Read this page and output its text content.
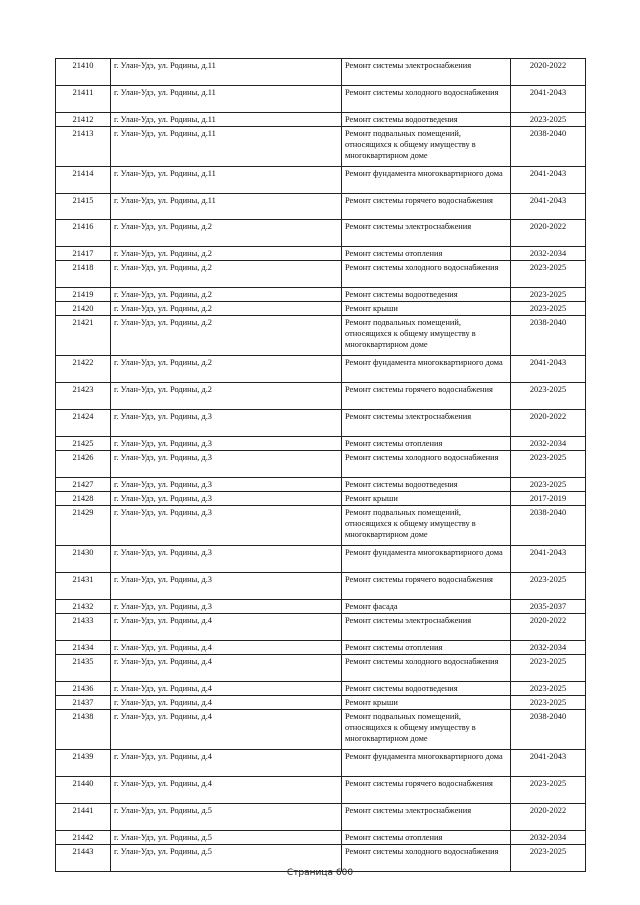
21410	г. Улан-Удэ, ул. Родины, д.11	Ремонт системы электроснабжения	2020-2022
21411	г. Улан-Удэ, ул. Родины, д.11	Ремонт системы холодного водоснабжения	2041-2043
21412	г. Улан-Удэ, ул. Родины, д.11	Ремонт системы водоотведения	2023-2025
21413	г. Улан-Удэ, ул. Родины, д.11	Ремонт подвальных помещений, относящихся к общему имуществу в многоквартирном доме	2038-2040
21414	г. Улан-Удэ, ул. Родины, д.11	Ремонт фундамента многоквартирного дома	2041-2043
21415	г. Улан-Удэ, ул. Родины, д.11	Ремонт системы горячего водоснабжения	2041-2043
21416	г. Улан-Удэ, ул. Родины, д.2	Ремонт системы электроснабжения	2020-2022
21417	г. Улан-Удэ, ул. Родины, д.2	Ремонт системы отопления	2032-2034
21418	г. Улан-Удэ, ул. Родины, д.2	Ремонт системы холодного водоснабжения	2023-2025
21419	г. Улан-Удэ, ул. Родины, д.2	Ремонт системы водоотведения	2023-2025
21420	г. Улан-Удэ, ул. Родины, д.2	Ремонт крыши	2023-2025
21421	г. Улан-Удэ, ул. Родины, д.2	Ремонт подвальных помещений, относящихся к общему имуществу в многоквартирном доме	2038-2040
21422	г. Улан-Удэ, ул. Родины, д.2	Ремонт фундамента многоквартирного дома	2041-2043
21423	г. Улан-Удэ, ул. Родины, д.2	Ремонт системы горячего водоснабжения	2023-2025
21424	г. Улан-Удэ, ул. Родины, д.3	Ремонт системы электроснабжения	2020-2022
21425	г. Улан-Удэ, ул. Родины, д.3	Ремонт системы отопления	2032-2034
21426	г. Улан-Удэ, ул. Родины, д.3	Ремонт системы холодного водоснабжения	2023-2025
21427	г. Улан-Удэ, ул. Родины, д.3	Ремонт системы водоотведения	2023-2025
21428	г. Улан-Удэ, ул. Родины, д.3	Ремонт крыши	2017-2019
21429	г. Улан-Удэ, ул. Родины, д.3	Ремонт подвальных помещений, относящихся к общему имуществу в многоквартирном доме	2038-2040
21430	г. Улан-Удэ, ул. Родины, д.3	Ремонт фундамента многоквартирного дома	2041-2043
21431	г. Улан-Удэ, ул. Родины, д.3	Ремонт системы горячего водоснабжения	2023-2025
21432	г. Улан-Удэ, ул. Родины, д.3	Ремонт фасада	2035-2037
21433	г. Улан-Удэ, ул. Родины, д.4	Ремонт системы электроснабжения	2020-2022
21434	г. Улан-Удэ, ул. Родины, д.4	Ремонт системы отопления	2032-2034
21435	г. Улан-Удэ, ул. Родины, д.4	Ремонт системы холодного водоснабжения	2023-2025
21436	г. Улан-Удэ, ул. Родины, д.4	Ремонт системы водоотведения	2023-2025
21437	г. Улан-Удэ, ул. Родины, д.4	Ремонт крыши	2023-2025
21438	г. Улан-Удэ, ул. Родины, д.4	Ремонт подвальных помещений, относящихся к общему имуществу в многоквартирном доме	2038-2040
21439	г. Улан-Удэ, ул. Родины, д.4	Ремонт фундамента многоквартирного дома	2041-2043
21440	г. Улан-Удэ, ул. Родины, д.4	Ремонт системы горячего водоснабжения	2023-2025
21441	г. Улан-Удэ, ул. Родины, д.5	Ремонт системы электроснабжения	2020-2022
21442	г. Улан-Удэ, ул. Родины, д.5	Ремонт системы отопления	2032-2034
21443	г. Улан-Удэ, ул. Родины, д.5	Ремонт системы холодного водоснабжения	2023-2025
Страница 600
